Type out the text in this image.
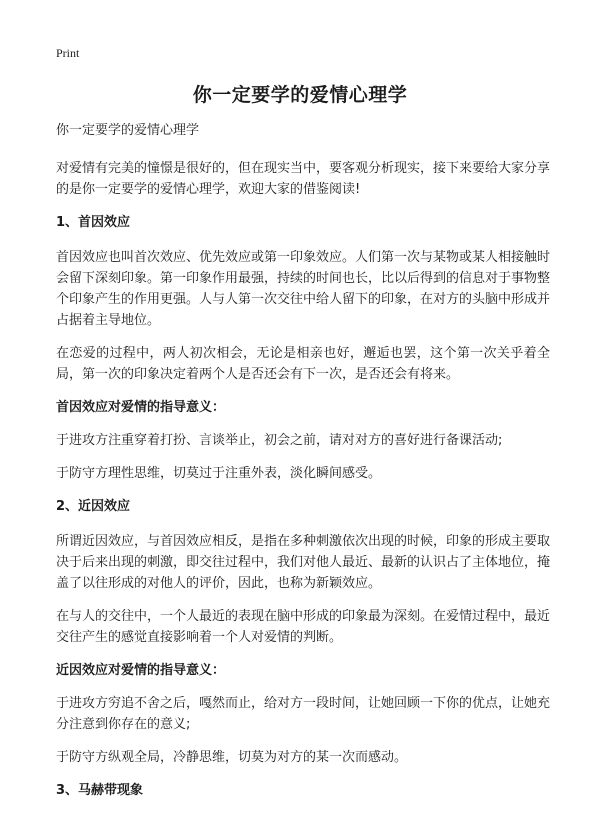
Print
你一定要学的爱情心理学

你一定要学的爱情心理学

对爱情有完美的憧憬是很好的，但在现实当中，要客观分析现实，接下来要给大家分享的是你一定要学的爱情心理学，欢迎大家的借鉴阅读!

1、首因效应

首因效应也叫首次效应、优先效应或第一印象效应。人们第一次与某物或某人相接触时会留下深刻印象。第一印象作用最强，持续的时间也长，比以后得到的信息对于事物整个印象产生的作用更强。人与人第一次交往中给人留下的印象，在对方的头脑中形成并占据着主导地位。

在恋爱的过程中，两人初次相会，无论是相亲也好，邂逅也罢，这个第一次关乎着全局，第一次的印象决定着两个人是否还会有下一次，是否还会有将来。

首因效应对爱情的指导意义：

于进攻方注重穿着打扮、言谈举止，初会之前，请对对方的喜好进行备课活动;

于防守方理性思维，切莫过于注重外表，淡化瞬间感受。

2、近因效应

所谓近因效应，与首因效应相反，是指在多种刺激依次出现的时候，印象的形成主要取决于后来出现的刺激，即交往过程中，我们对他人最近、最新的认识占了主体地位，掩盖了以往形成的对他人的评价，因此，也称为新颖效应。

在与人的交往中，一个人最近的表现在脑中形成的印象最为深刻。在爱情过程中，最近交往产生的感觉直接影响着一个人对爱情的判断。

近因效应对爱情的指导意义：

于进攻方穷追不舍之后，嘎然而止，给对方一段时间，让她回顾一下你的优点，让她充分注意到你存在的意义;

于防守方纵观全局，冷静思维，切莫为对方的某一次而感动。

3、马赫带现象
